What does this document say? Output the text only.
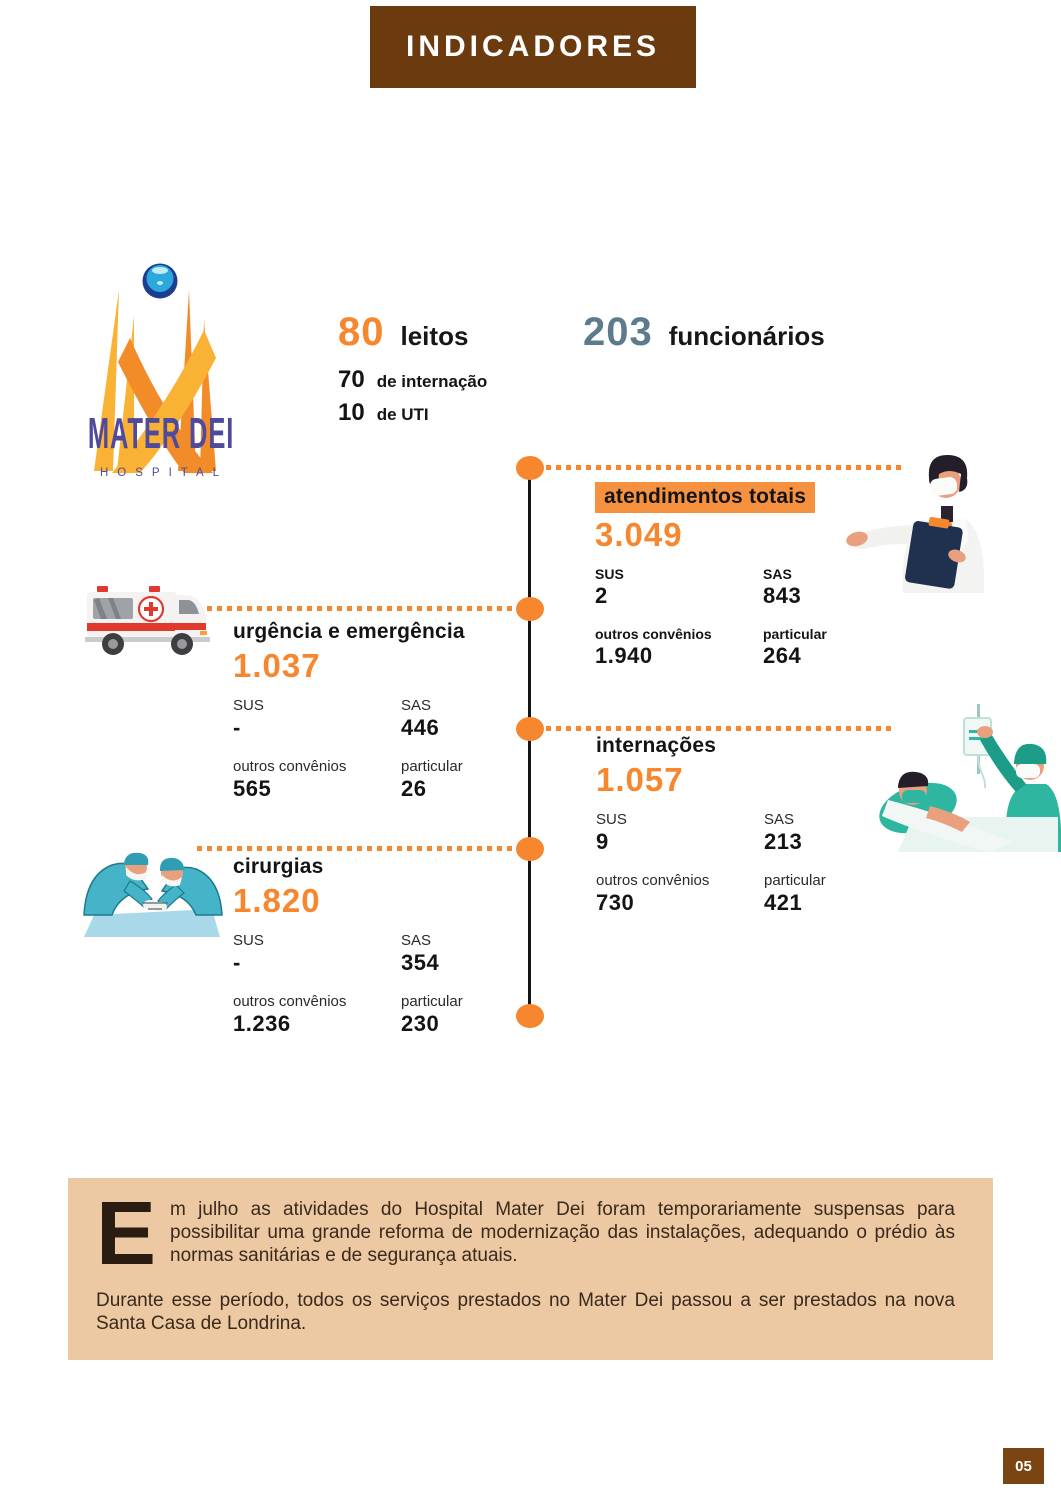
INDICADORES
MATER DEI
HOSPITAL
80 leitos	203 funcionários
70 de internação
10 de UTI
atendimentos totais
3.049
SUS
2
SAS
843
outros convênios
1.940
particular
264
urgência e emergência
1.037
SUS
-
SAS
446
outros convênios
565
particular
26
internações
1.057
SUS
9
SAS
213
outros convênios
730
particular
421
cirurgias
1.820
SUS
-
SAS
354
outros convênios
1.236
particular
230

E m julho as atividades do Hospital Mater Dei foram temporariamente suspensas para possibilitar uma grande reforma de modernização das instalações, adequando o prédio às normas sanitárias e de segurança atuais.

Durante esse período, todos os serviços prestados no Mater Dei passou a ser prestados na nova Santa Casa de Londrina.

05
